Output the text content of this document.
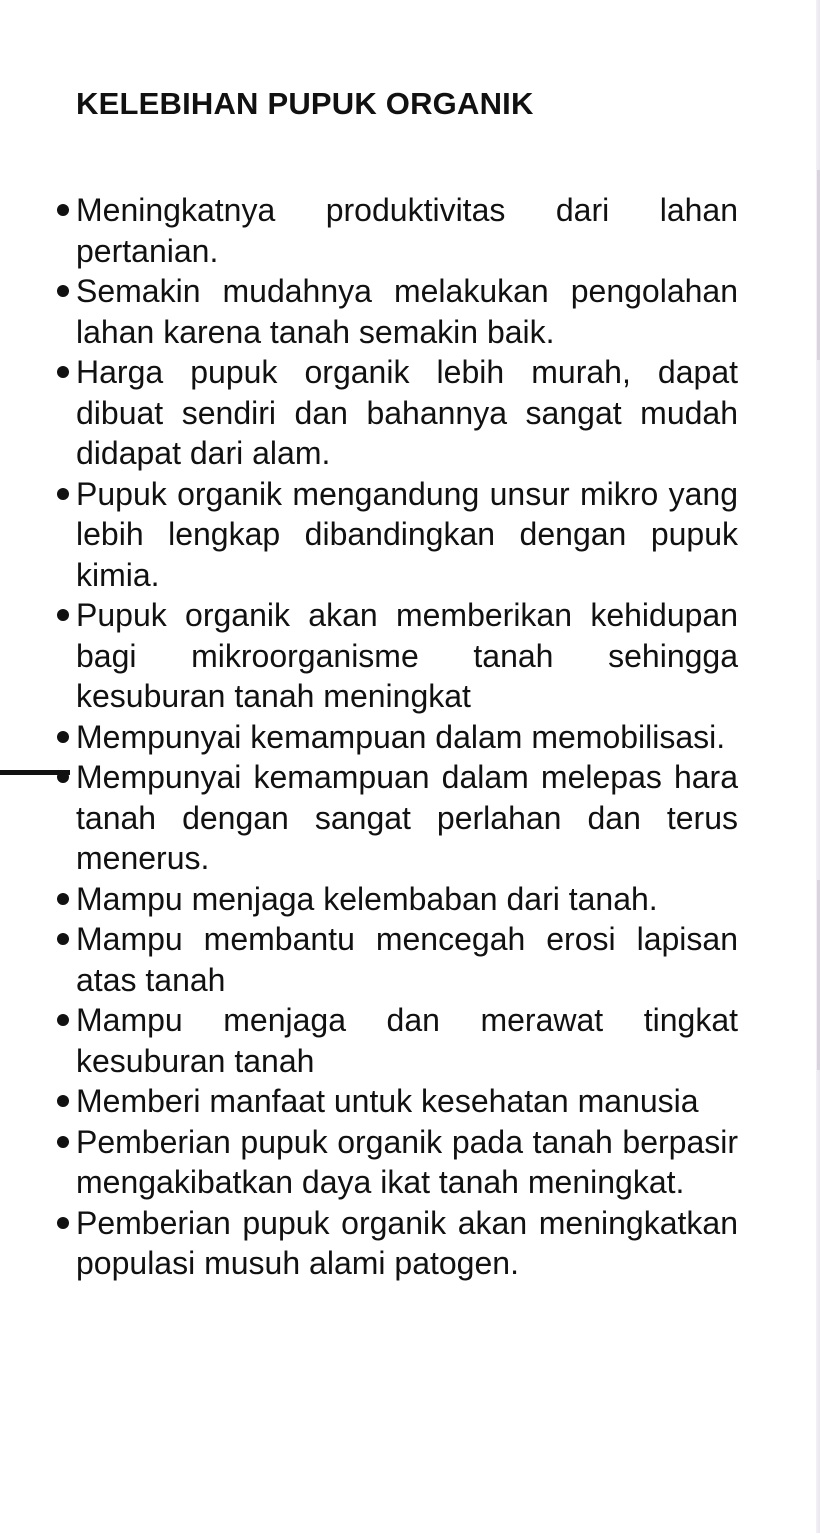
KELEBIHAN PUPUK ORGANIK
Meningkatnya produktivitas dari lahan pertanian.
Semakin mudahnya melakukan pengolahan lahan karena tanah semakin baik.
Harga pupuk organik lebih murah, dapat dibuat sendiri dan bahannya sangat mudah didapat dari alam.
Pupuk organik mengandung unsur mikro yang lebih lengkap dibandingkan dengan pupuk kimia.
Pupuk organik akan memberikan kehidupan bagi mikroorganisme tanah sehingga kesuburan tanah meningkat
Mempunyai kemampuan dalam memobilisasi.
Mempunyai kemampuan dalam melepas hara tanah dengan sangat perlahan dan terus menerus.
Mampu menjaga kelembaban dari tanah.
Mampu membantu mencegah erosi lapisan atas tanah
Mampu menjaga dan merawat tingkat kesuburan tanah
Memberi manfaat untuk kesehatan manusia
Pemberian pupuk organik pada tanah berpasir mengakibatkan daya ikat tanah meningkat.
Pemberian pupuk organik akan meningkatkan populasi musuh alami patogen.
